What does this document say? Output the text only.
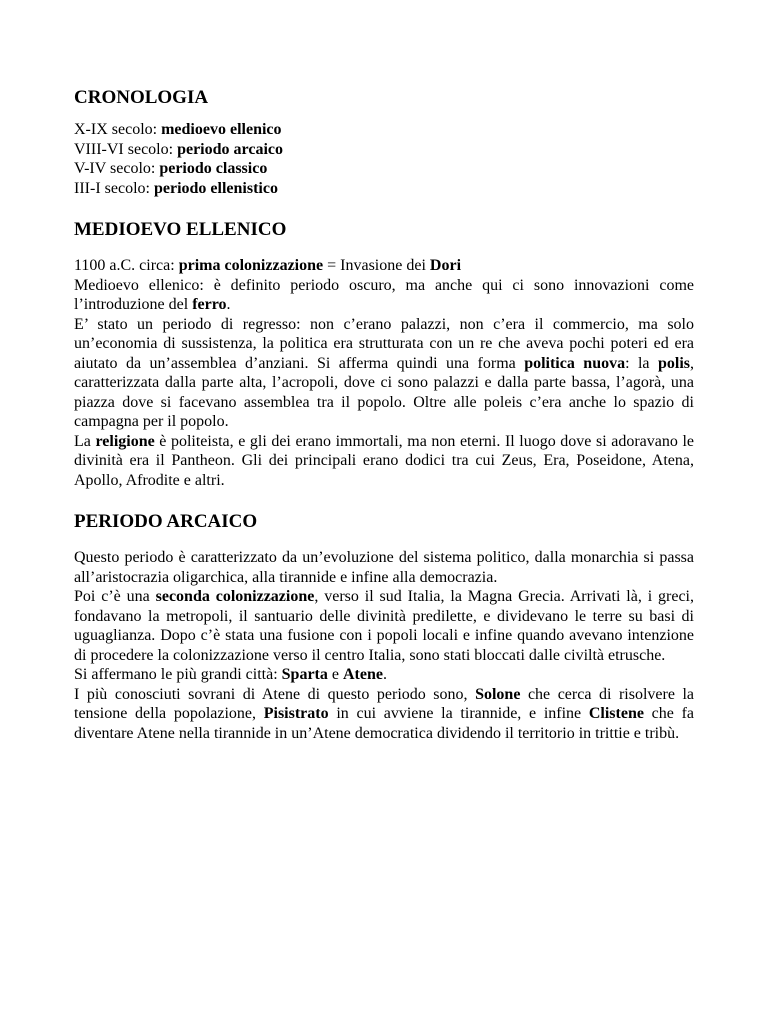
CRONOLOGIA
X-IX secolo: medioevo ellenico
VIII-VI secolo: periodo arcaico
V-IV secolo: periodo classico
III-I secolo: periodo ellenistico
MEDIOEVO ELLENICO

1100 a.C. circa: prima colonizzazione = Invasione dei Dori

Medioevo ellenico: è definito periodo oscuro, ma anche qui ci sono innovazioni come l’introduzione del ferro.

E’ stato un periodo di regresso: non c’erano palazzi, non c’era il commercio, ma solo un’economia di sussistenza, la politica era strutturata con un re che aveva pochi poteri ed era aiutato da un’assemblea d’anziani. Si afferma quindi una forma politica nuova: la polis, caratterizzata dalla parte alta, l’acropoli, dove ci sono palazzi e dalla parte bassa, l’agorà, una piazza dove si facevano assemblea tra il popolo. Oltre alle poleis c’era anche lo spazio di campagna per il popolo.

La religione è politeista, e gli dei erano immortali, ma non eterni. Il luogo dove si adoravano le divinità era il Pantheon. Gli dei principali erano dodici tra cui Zeus, Era, Poseidone, Atena, Apollo, Afrodite e altri.

PERIODO ARCAICO

Questo periodo è caratterizzato da un’evoluzione del sistema politico, dalla monarchia si passa all’aristocrazia oligarchica, alla tirannide e infine alla democrazia.

Poi c’è una seconda colonizzazione, verso il sud Italia, la Magna Grecia. Arrivati là, i greci, fondavano la metropoli, il santuario delle divinità predilette, e dividevano le terre su basi di uguaglianza. Dopo c’è stata una fusione con i popoli locali e infine quando avevano intenzione di procedere la colonizzazione verso il centro Italia, sono stati bloccati dalle civiltà etrusche.

Si affermano le più grandi città: Sparta e Atene.

I più conosciuti sovrani di Atene di questo periodo sono, Solone che cerca di risolvere la tensione della popolazione, Pisistrato in cui avviene la tirannide, e infine Clistene che fa diventare Atene nella tirannide in un’Atene democratica dividendo il territorio in trittie e tribù.
